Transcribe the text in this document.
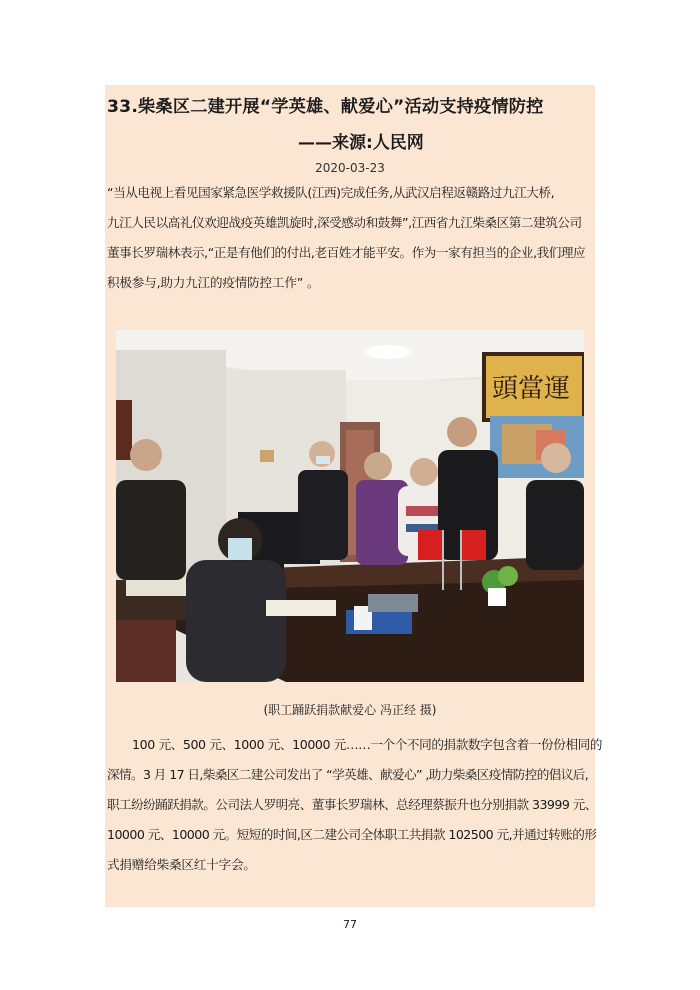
33.柴桑区二建开展“学英雄、献爱心”活动支持疫情防控
——来源:人民网
2020-03-23
“当从电视上看见国家紧急医学救援队(江西)完成任务,从武汉启程返赣路过九江大桥,
九江人民以高礼仪欢迎战疫英雄凯旋时,深受感动和鼓舞”,江西省九江柴桑区第二建筑公司
董事长罗瑞林表示,“正是有他们的付出,老百姓才能平安。作为一家有担当的企业,我们理应
积极参与,助力九江的疫情防控工作” 。
頭當運
(职工踊跃捐款献爱心 冯正经 摄)
100 元、500 元、1000 元、10000 元……一个个不同的捐款数字包含着一份份相同的
深情。3 月 17 日,柴桑区二建公司发出了 “学英雄、献爱心” ,助力柴桑区疫情防控的倡议后,
职工纷纷踊跃捐款。公司法人罗明亮、董事长罗瑞林、总经理蔡振升也分别捐款 33999 元、
10000 元、10000 元。短短的时间,区二建公司全体职工共捐款 102500 元,并通过转账的形
式捐赠给柴桑区红十字会。
77
